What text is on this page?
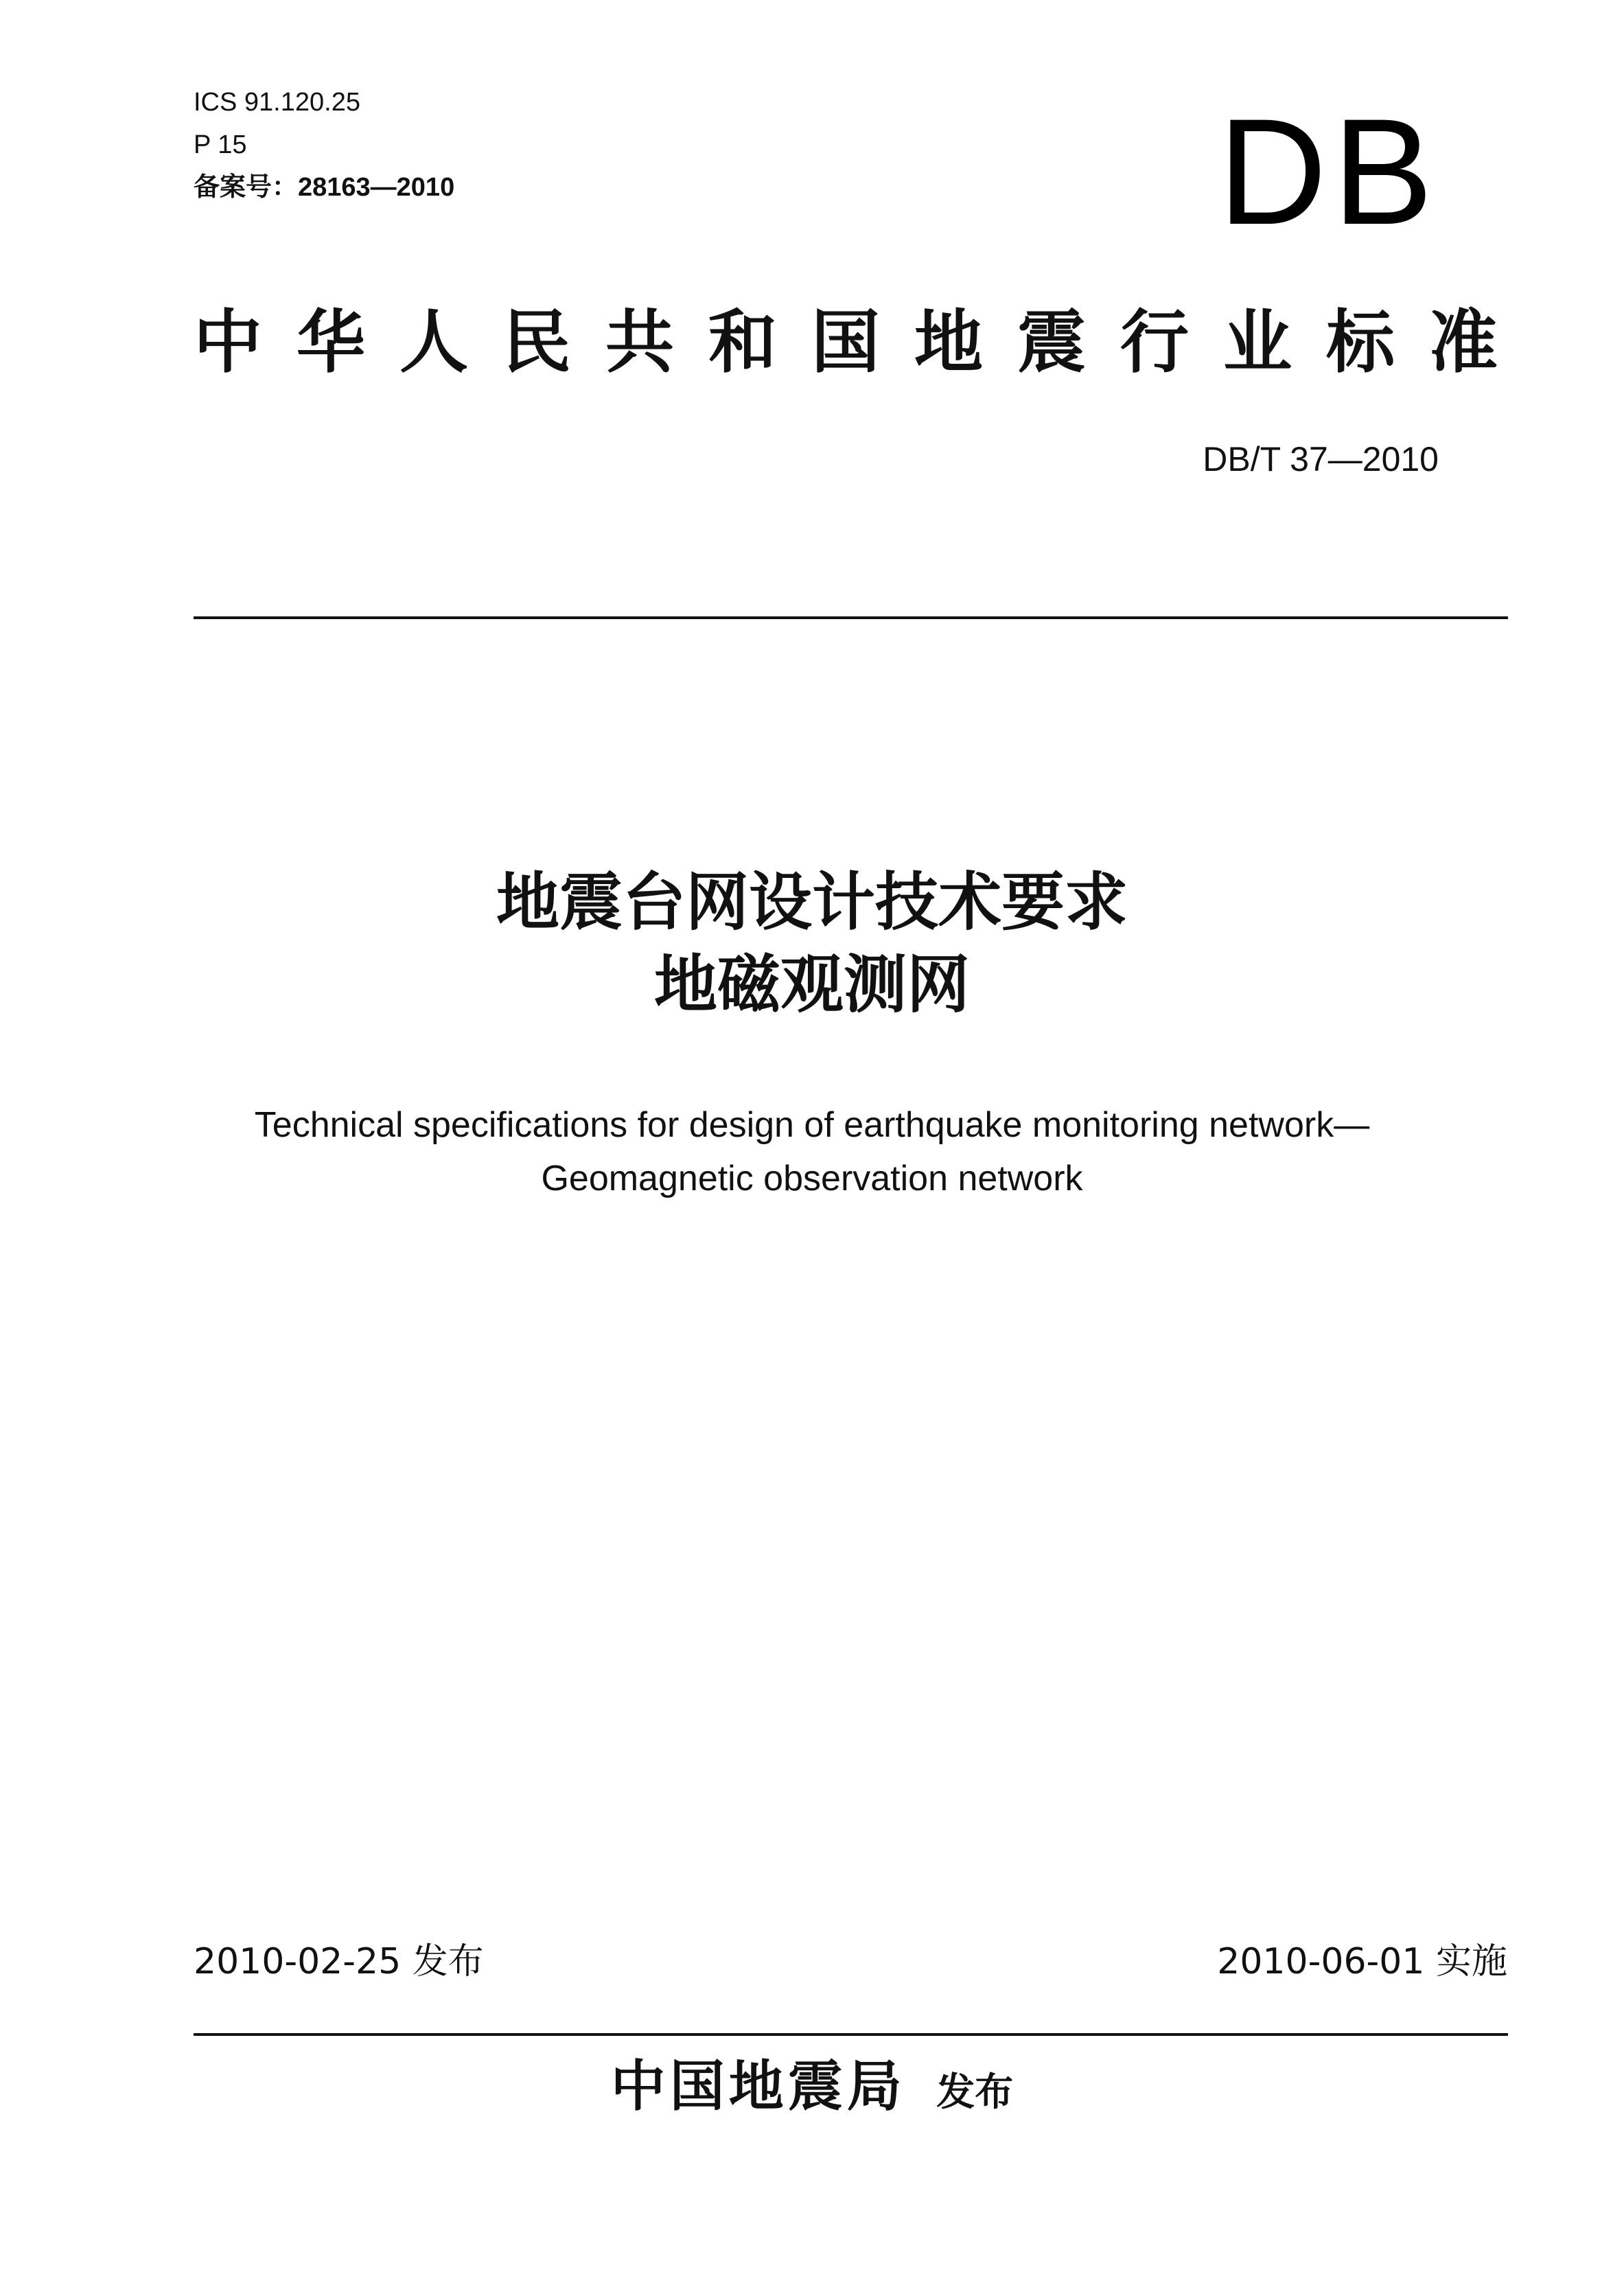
ICS 91.120.25
P 15
备案号：28163—2010	DB
中 华 人 民 共 和 国 地 震 行 业 标 准
DB/T 37—2010
地震台网设计技术要求
地磁观测网
Technical specifications for design of earthquake monitoring network—
Geomagnetic observation network
2010-02-25 发布	2010-06-01 实施
中国地震局 发布
